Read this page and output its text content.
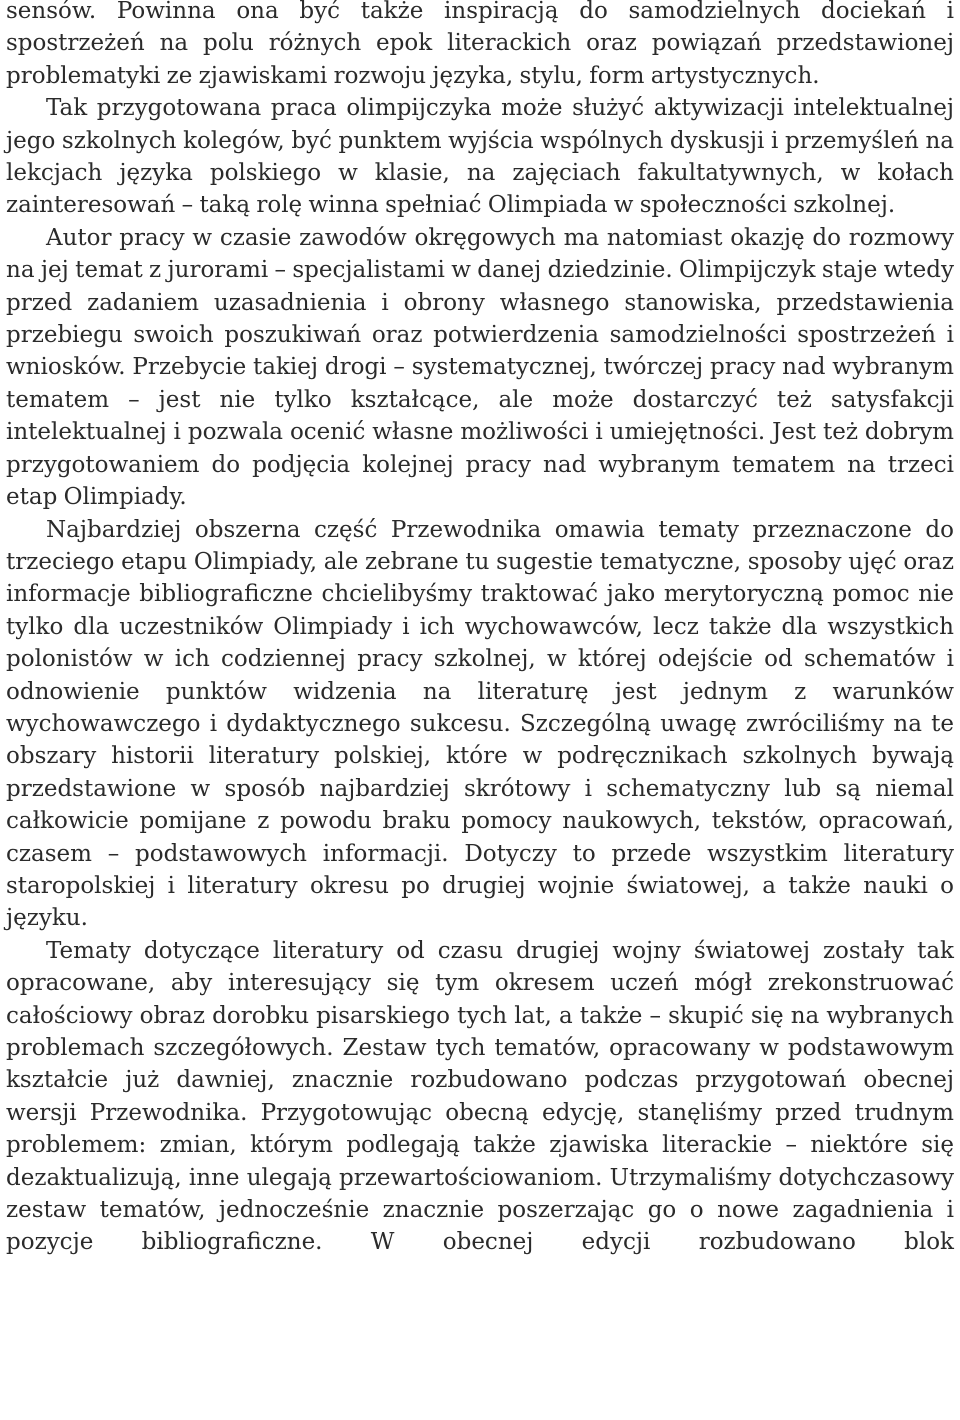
sensów. Powinna ona być także inspiracją do samodzielnych dociekań i spostrzeżeń na polu różnych epok literackich oraz powiązań przedstawionej problematyki ze zjawiskami rozwoju języka, stylu, form artystycznych.

Tak przygotowana praca olimpijczyka może służyć aktywizacji intelektualnej jego szkolnych kolegów, być punktem wyjścia wspólnych dyskusji i przemyśleń na lekcjach języka polskiego w klasie, na zajęciach fakultatywnych, w kołach zainteresowań – taką rolę winna spełniać Olimpiada w społeczności szkolnej.

Autor pracy w czasie zawodów okręgowych ma natomiast okazję do rozmowy na jej temat z jurorami – specjalistami w danej dziedzinie. Olimpijczyk staje wtedy przed zadaniem uzasadnienia i obrony własnego stanowiska, przedstawienia przebiegu swoich poszukiwań oraz potwierdzenia samodzielności spostrzeżeń i wniosków. Przebycie takiej drogi – systematycznej, twórczej pracy nad wybranym tematem – jest nie tylko kształcące, ale może dostarczyć też satysfakcji intelektualnej i pozwala ocenić własne możliwości i umiejętności. Jest też dobrym przygotowaniem do podjęcia kolejnej pracy nad wybranym tematem na trzeci etap Olimpiady.

Najbardziej obszerna część Przewodnika omawia tematy przeznaczone do trzeciego etapu Olimpiady, ale zebrane tu sugestie tematyczne, sposoby ujęć oraz informacje bibliograficzne chcielibyśmy traktować jako merytoryczną pomoc nie tylko dla uczestników Olimpiady i ich wychowawców, lecz także dla wszystkich polonistów w ich codziennej pracy szkolnej, w której odejście od schematów i odnowienie punktów widzenia na literaturę jest jednym z warunków wychowawczego i dydaktycznego sukcesu. Szczególną uwagę zwróciliśmy na te obszary historii literatury polskiej, które w podręcznikach szkolnych bywają przedstawione w sposób najbardziej skrótowy i schematyczny lub są niemal całkowicie pomijane z powodu braku pomocy naukowych, tekstów, opracowań, czasem – podstawowych informacji. Dotyczy to przede wszystkim literatury staropolskiej i literatury okresu po drugiej wojnie światowej, a także nauki o języku.

Tematy dotyczące literatury od czasu drugiej wojny światowej zostały tak opracowane, aby interesujący się tym okresem uczeń mógł zrekonstruować całościowy obraz dorobku pisarskiego tych lat, a także – skupić się na wybranych problemach szczegółowych. Zestaw tych tematów, opracowany w podstawowym kształcie już dawniej, znacznie rozbudowano podczas przygotowań obecnej wersji Przewodnika. Przygotowując obecną edycję, stanęliśmy przed trudnym problemem: zmian, którym podlegają także zjawiska literackie – niektóre się dezaktualizują, inne ulegają przewartościowaniom. Utrzymaliśmy dotychczasowy zestaw tematów, jednocześnie znacznie poszerzając go o nowe zagadnienia i pozycje bibliograficzne. W obecnej edycji rozbudowano blok
